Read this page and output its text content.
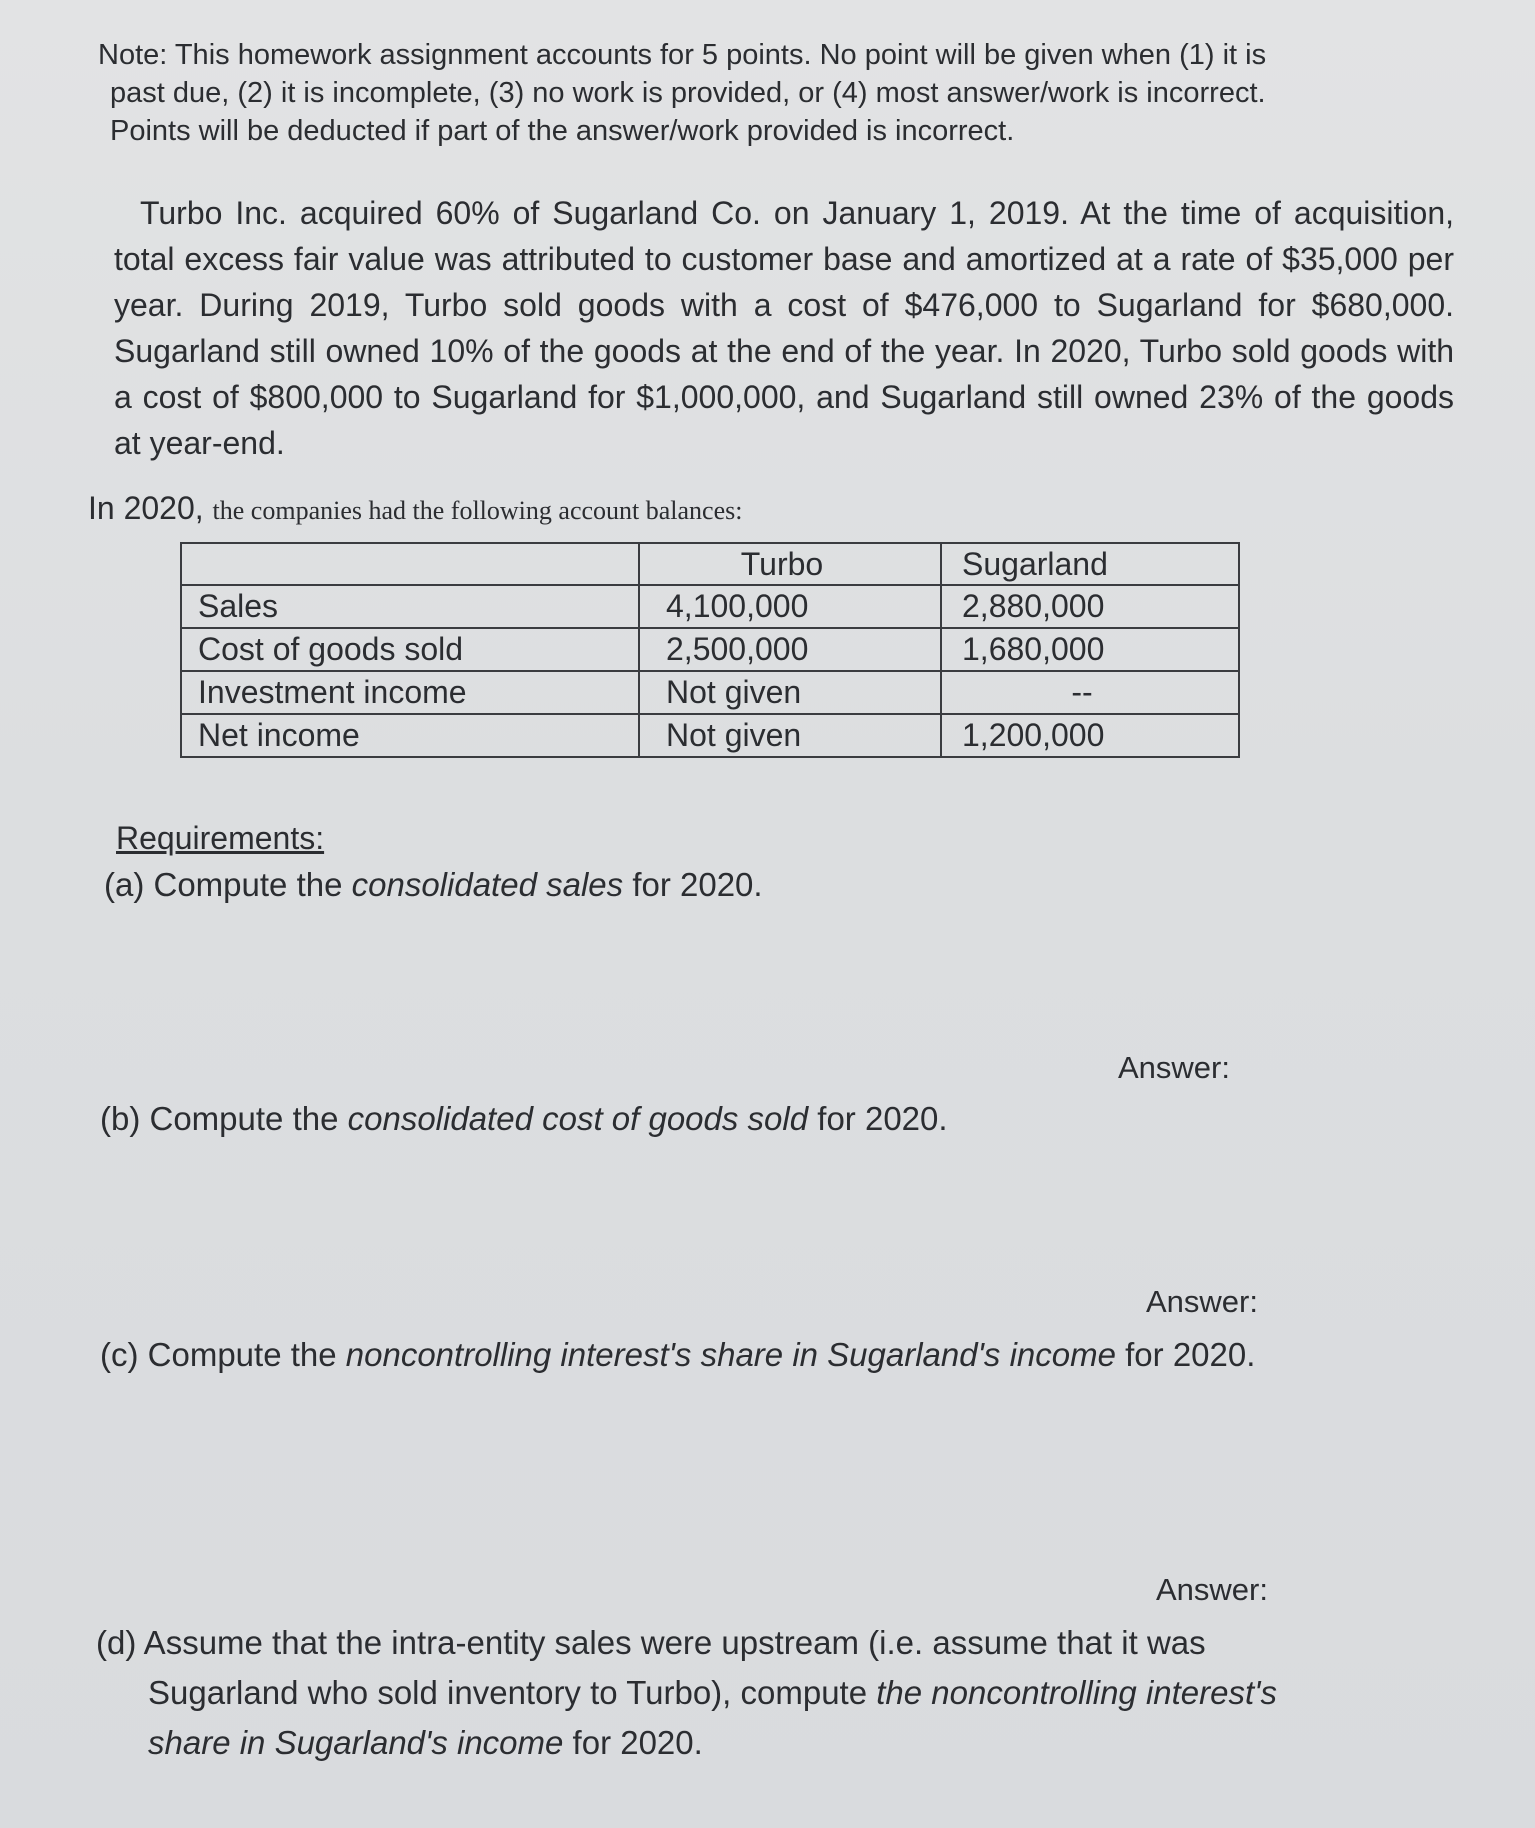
Note: This homework assignment accounts for 5 points. No point will be given when (1) it is
past due, (2) it is incomplete, (3) no work is provided, or (4) most answer/work is incorrect.
Points will be deducted if part of the answer/work provided is incorrect.
Turbo Inc. acquired 60% of Sugarland Co. on January 1, 2019. At the time of acquisition, total excess fair value was attributed to customer base and amortized at a rate of $35,000 per year. During 2019, Turbo sold goods with a cost of $476,000 to Sugarland for $680,000. Sugarland still owned 10% of the goods at the end of the year. In 2020, Turbo sold goods with a cost of $800,000 to Sugarland for $1,000,000, and Sugarland still owned 23% of the goods at year-end.
In 2020, the companies had the following account balances:
	Turbo	Sugarland
Sales	4,100,000	2,880,000
Cost of goods sold	2,500,000	1,680,000
Investment income	Not given	--
Net income	Not given	1,200,000
Requirements:
(a) Compute the consolidated sales for 2020.
Answer:
(b) Compute the consolidated cost of goods sold for 2020.
Answer:
(c) Compute the noncontrolling interest's share in Sugarland's income for 2020.
Answer:
(d) Assume that the intra-entity sales were upstream (i.e. assume that it was
Sugarland who sold inventory to Turbo), compute the noncontrolling interest's
share in Sugarland's income for 2020.
